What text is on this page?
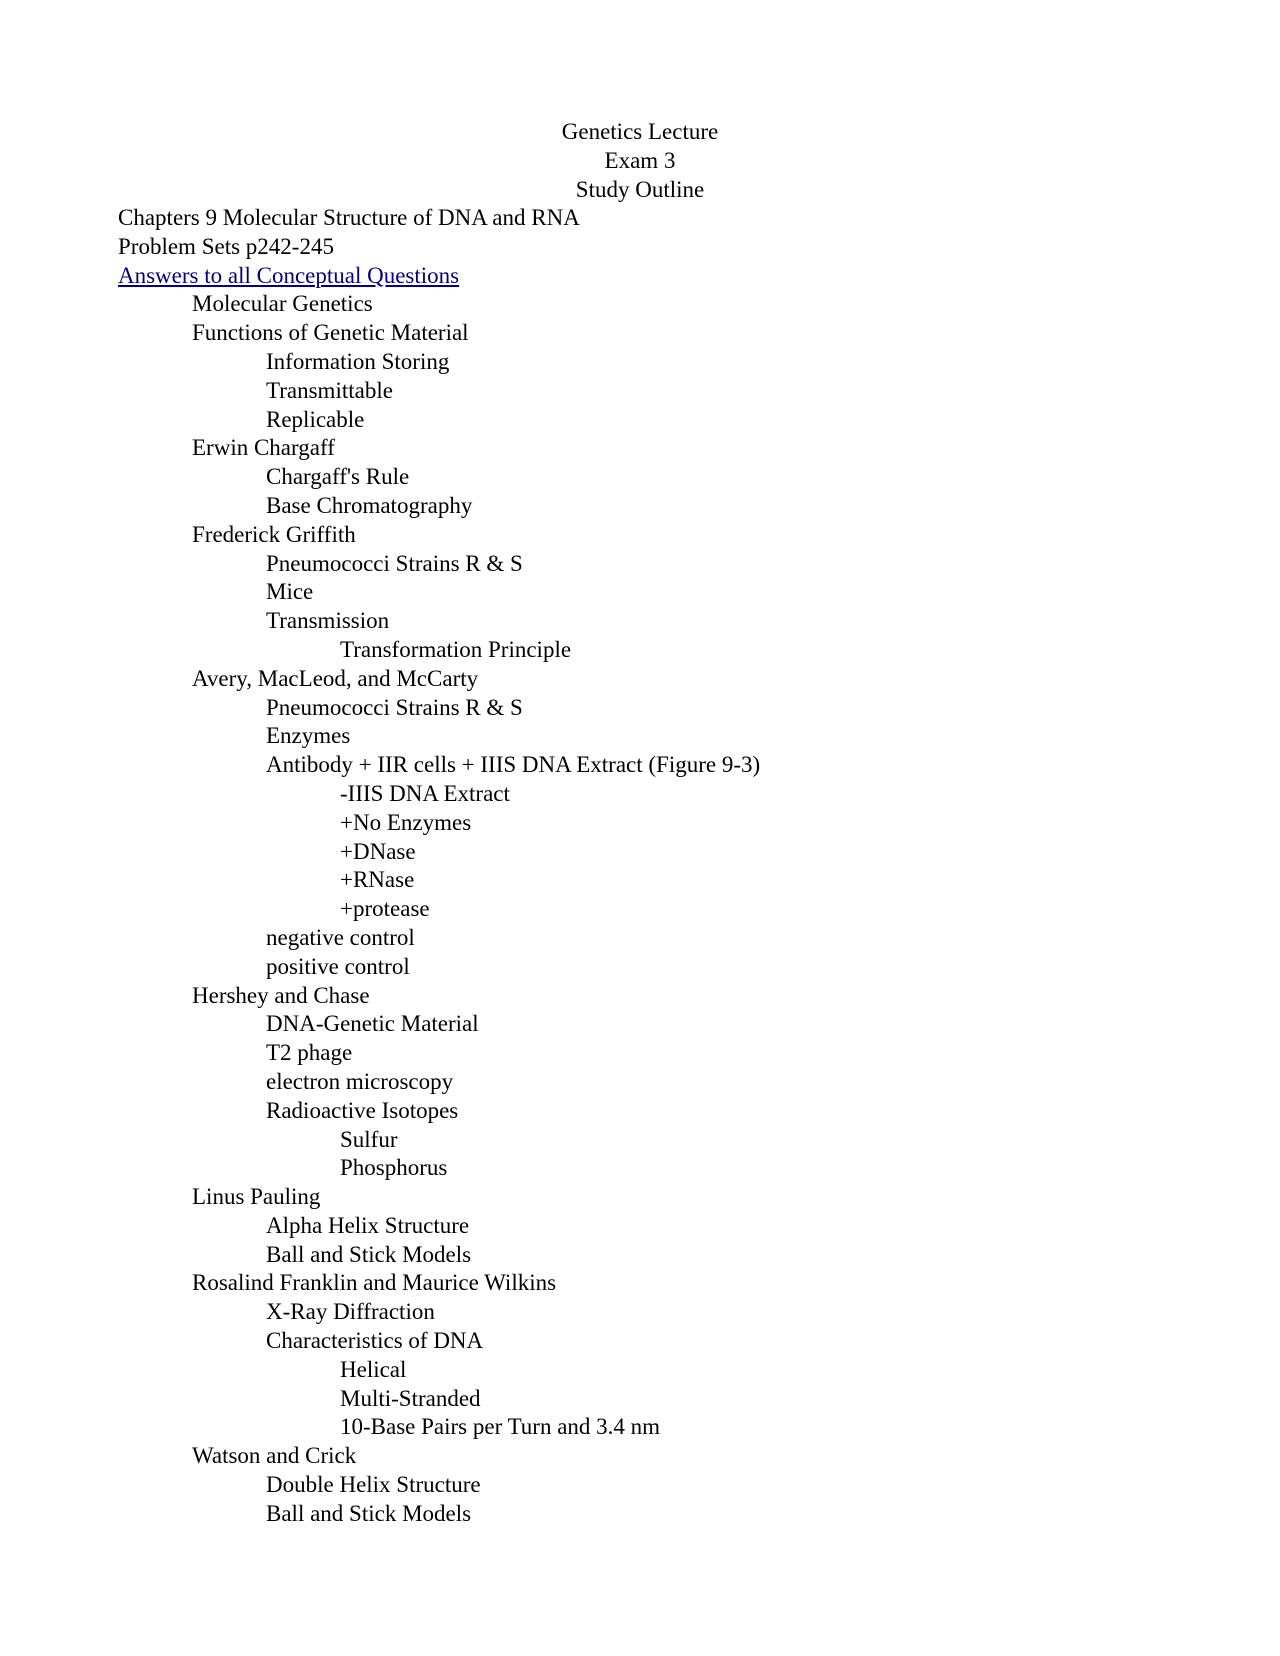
Genetics Lecture
Exam 3
Study Outline
Chapters 9 Molecular Structure of DNA and RNA
Problem Sets p242-245
Answers to all Conceptual Questions
Molecular Genetics
Functions of Genetic Material
Information Storing
Transmittable
Replicable
Erwin Chargaff
Chargaff's Rule
Base Chromatography
Frederick Griffith
Pneumococci Strains R & S
Mice
Transmission
Transformation Principle
Avery, MacLeod, and McCarty
Pneumococci Strains R & S
Enzymes
Antibody + IIR cells + IIIS DNA Extract (Figure 9-3)
-IIIS DNA Extract
+No Enzymes
+DNase
+RNase
+protease
negative control
positive control
Hershey and Chase
DNA-Genetic Material
T2 phage
electron microscopy
Radioactive Isotopes
Sulfur
Phosphorus
Linus Pauling
Alpha Helix Structure
Ball and Stick Models
Rosalind Franklin and Maurice Wilkins
X-Ray Diffraction
Characteristics of DNA
Helical
Multi-Stranded
10-Base Pairs per Turn and 3.4 nm
Watson and Crick
Double Helix Structure
Ball and Stick Models
